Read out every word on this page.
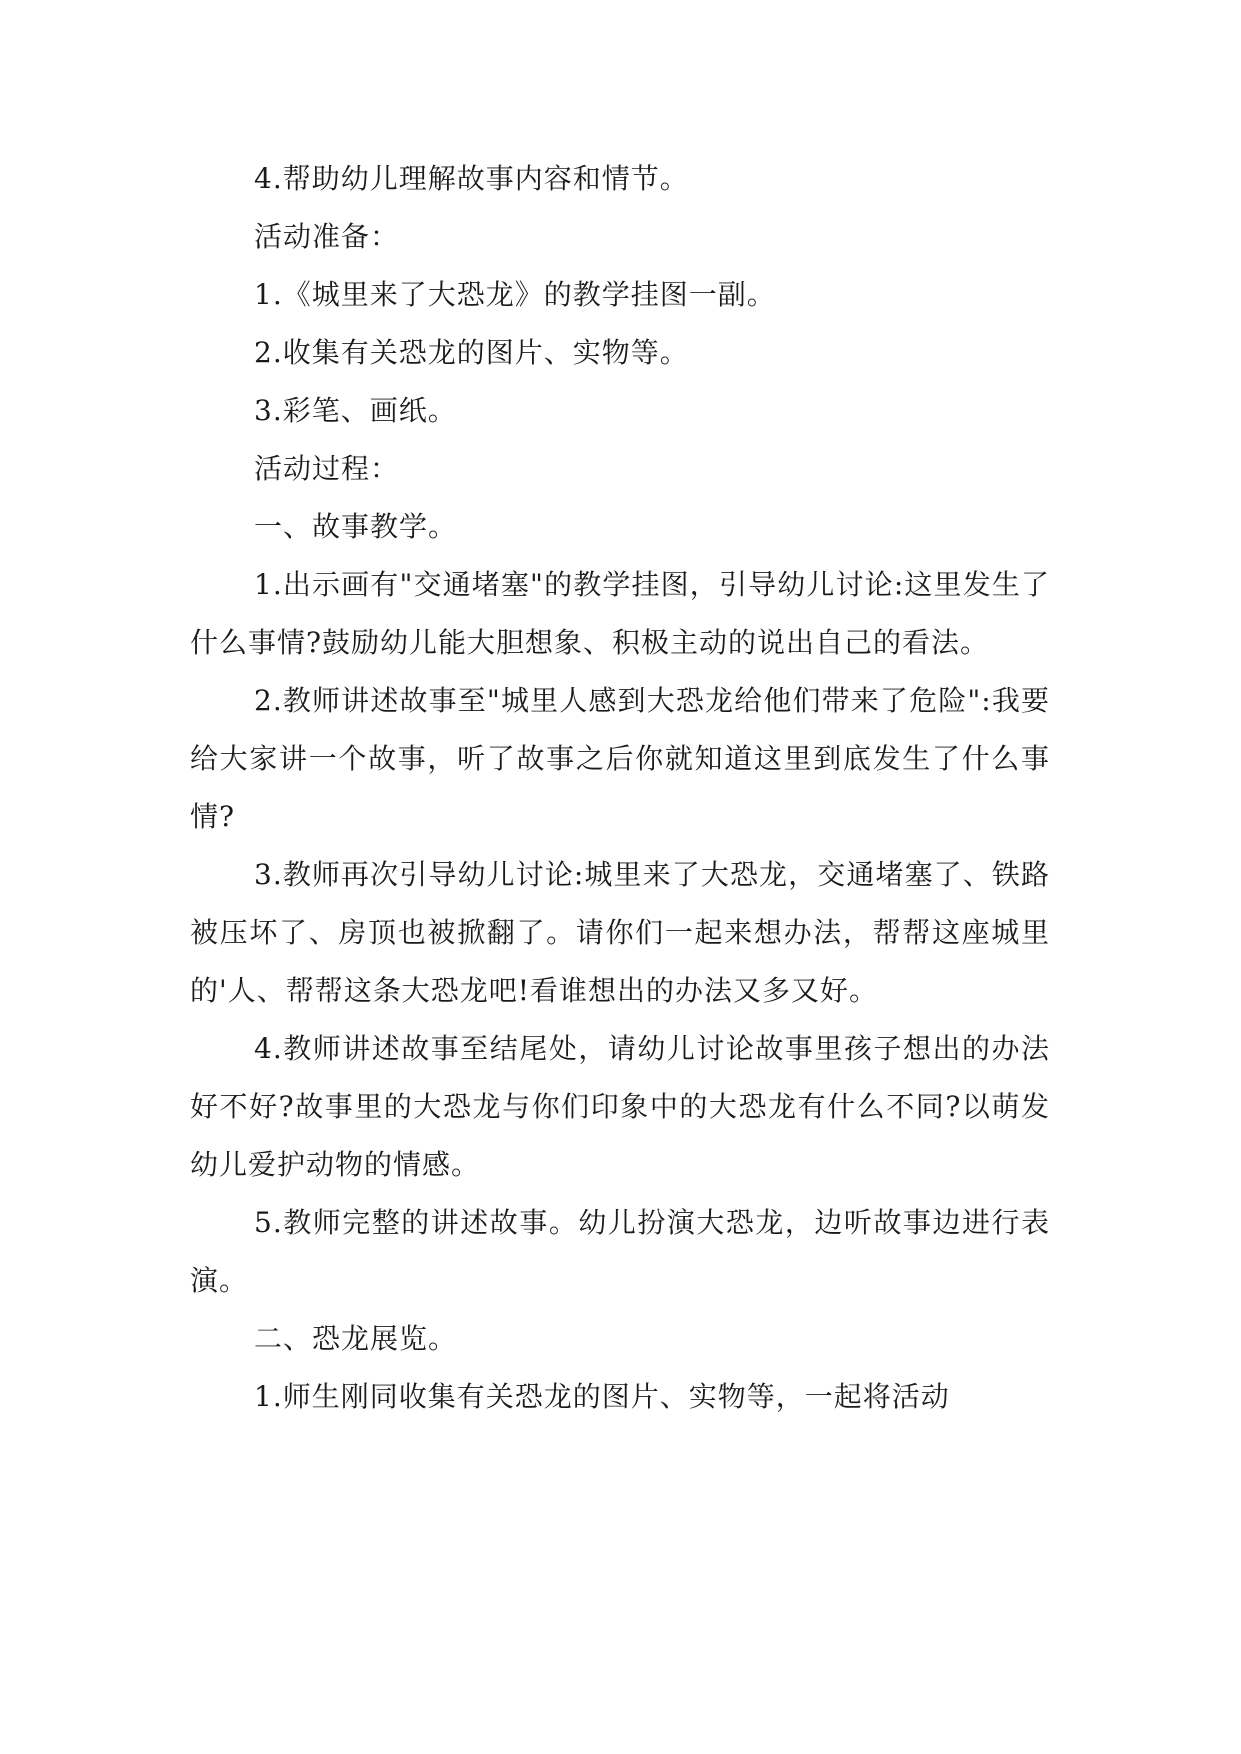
4.帮助幼儿理解故事内容和情节。

活动准备：

1.《城里来了大恐龙》的教学挂图一副。

2.收集有关恐龙的图片、实物等。

3.彩笔、画纸。

活动过程：

一、故事教学。

1.出示画有"交通堵塞"的教学挂图，引导幼儿讨论:这里发生了什么事情?鼓励幼儿能大胆想象、积极主动的说出自己的看法。

2.教师讲述故事至"城里人感到大恐龙给他们带来了危险":我要给大家讲一个故事，听了故事之后你就知道这里到底发生了什么事情?

3.教师再次引导幼儿讨论:城里来了大恐龙，交通堵塞了、铁路被压坏了、房顶也被掀翻了。请你们一起来想办法，帮帮这座城里的'人、帮帮这条大恐龙吧!看谁想出的办法又多又好。

4.教师讲述故事至结尾处，请幼儿讨论故事里孩子想出的办法好不好?故事里的大恐龙与你们印象中的大恐龙有什么不同?以萌发幼儿爱护动物的情感。

5.教师完整的讲述故事。幼儿扮演大恐龙，边听故事边进行表演。

二、恐龙展览。

1.师生刚同收集有关恐龙的图片、实物等，一起将活动
